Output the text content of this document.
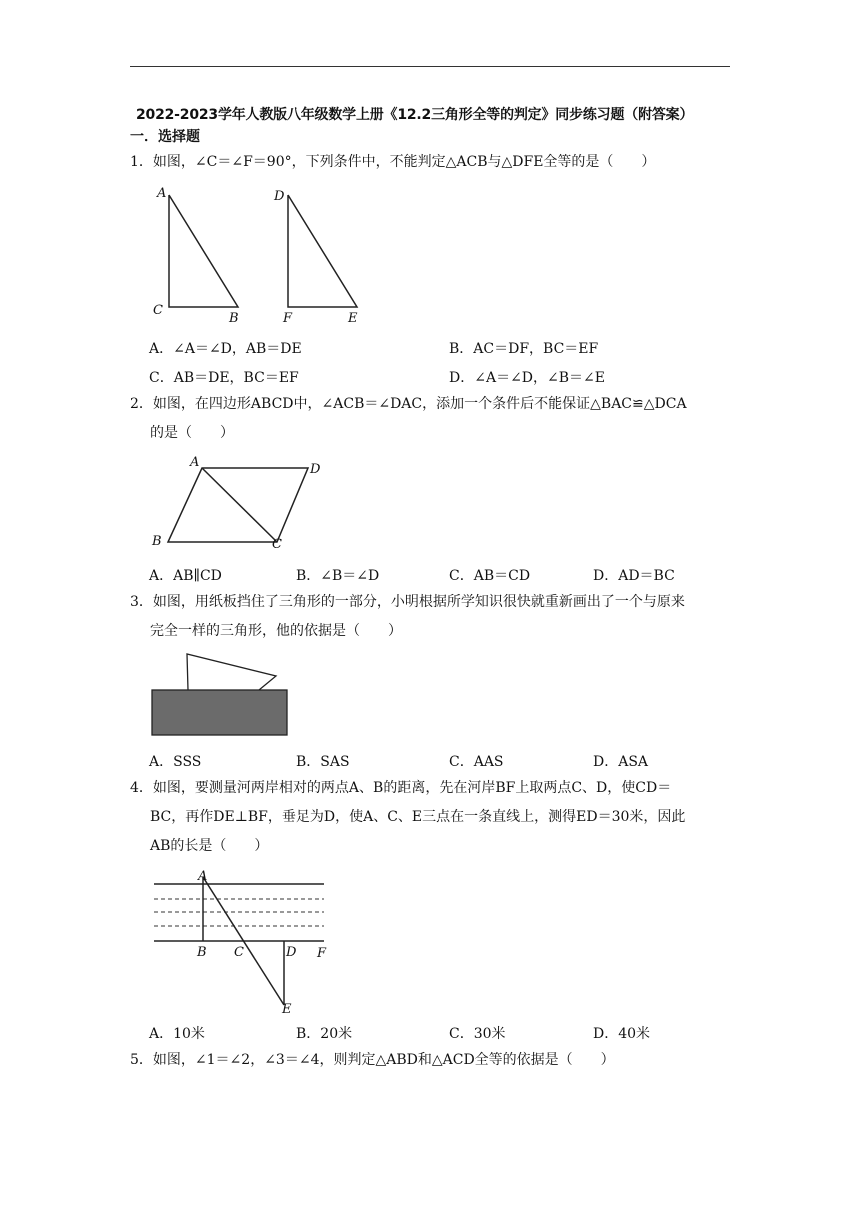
2022-2023学年人教版八年级数学上册《12.2三角形全等的判定》同步练习题（附答案）
一．选择题
1．如图，∠C＝∠F＝90°，下列条件中，不能判定△ACB与△DFE全等的是（　　）
A
C
B
D
F	E
A．∠A＝∠D，AB＝DE	B．AC＝DF，BC＝EF
C．AB＝DE，BC＝EF	D．∠A＝∠D，∠B＝∠E
2．如图，在四边形ABCD中，∠ACB＝∠DAC，添加一个条件后不能保证△BAC≌△DCA
的是（　　）
A	D
B	C
A．AB∥CD	B．∠B＝∠D	C．AB＝CD	D．AD＝BC
3．如图，用纸板挡住了三角形的一部分，小明根据所学知识很快就重新画出了一个与原来
完全一样的三角形，他的依据是（　　）
A．SSS	B．SAS	C．AAS	D．ASA
4．如图，要测量河两岸相对的两点A、B的距离，先在河岸BF上取两点C、D，使CD＝
BC，再作DE⊥BF，垂足为D，使A、C、E三点在一条直线上，测得ED＝30米，因此
AB的长是（　　）
A
B C	D F
E
A．10米	B．20米	C．30米	D．40米
5．如图，∠1＝∠2，∠3＝∠4，则判定△ABD和△ACD全等的依据是（　　）
